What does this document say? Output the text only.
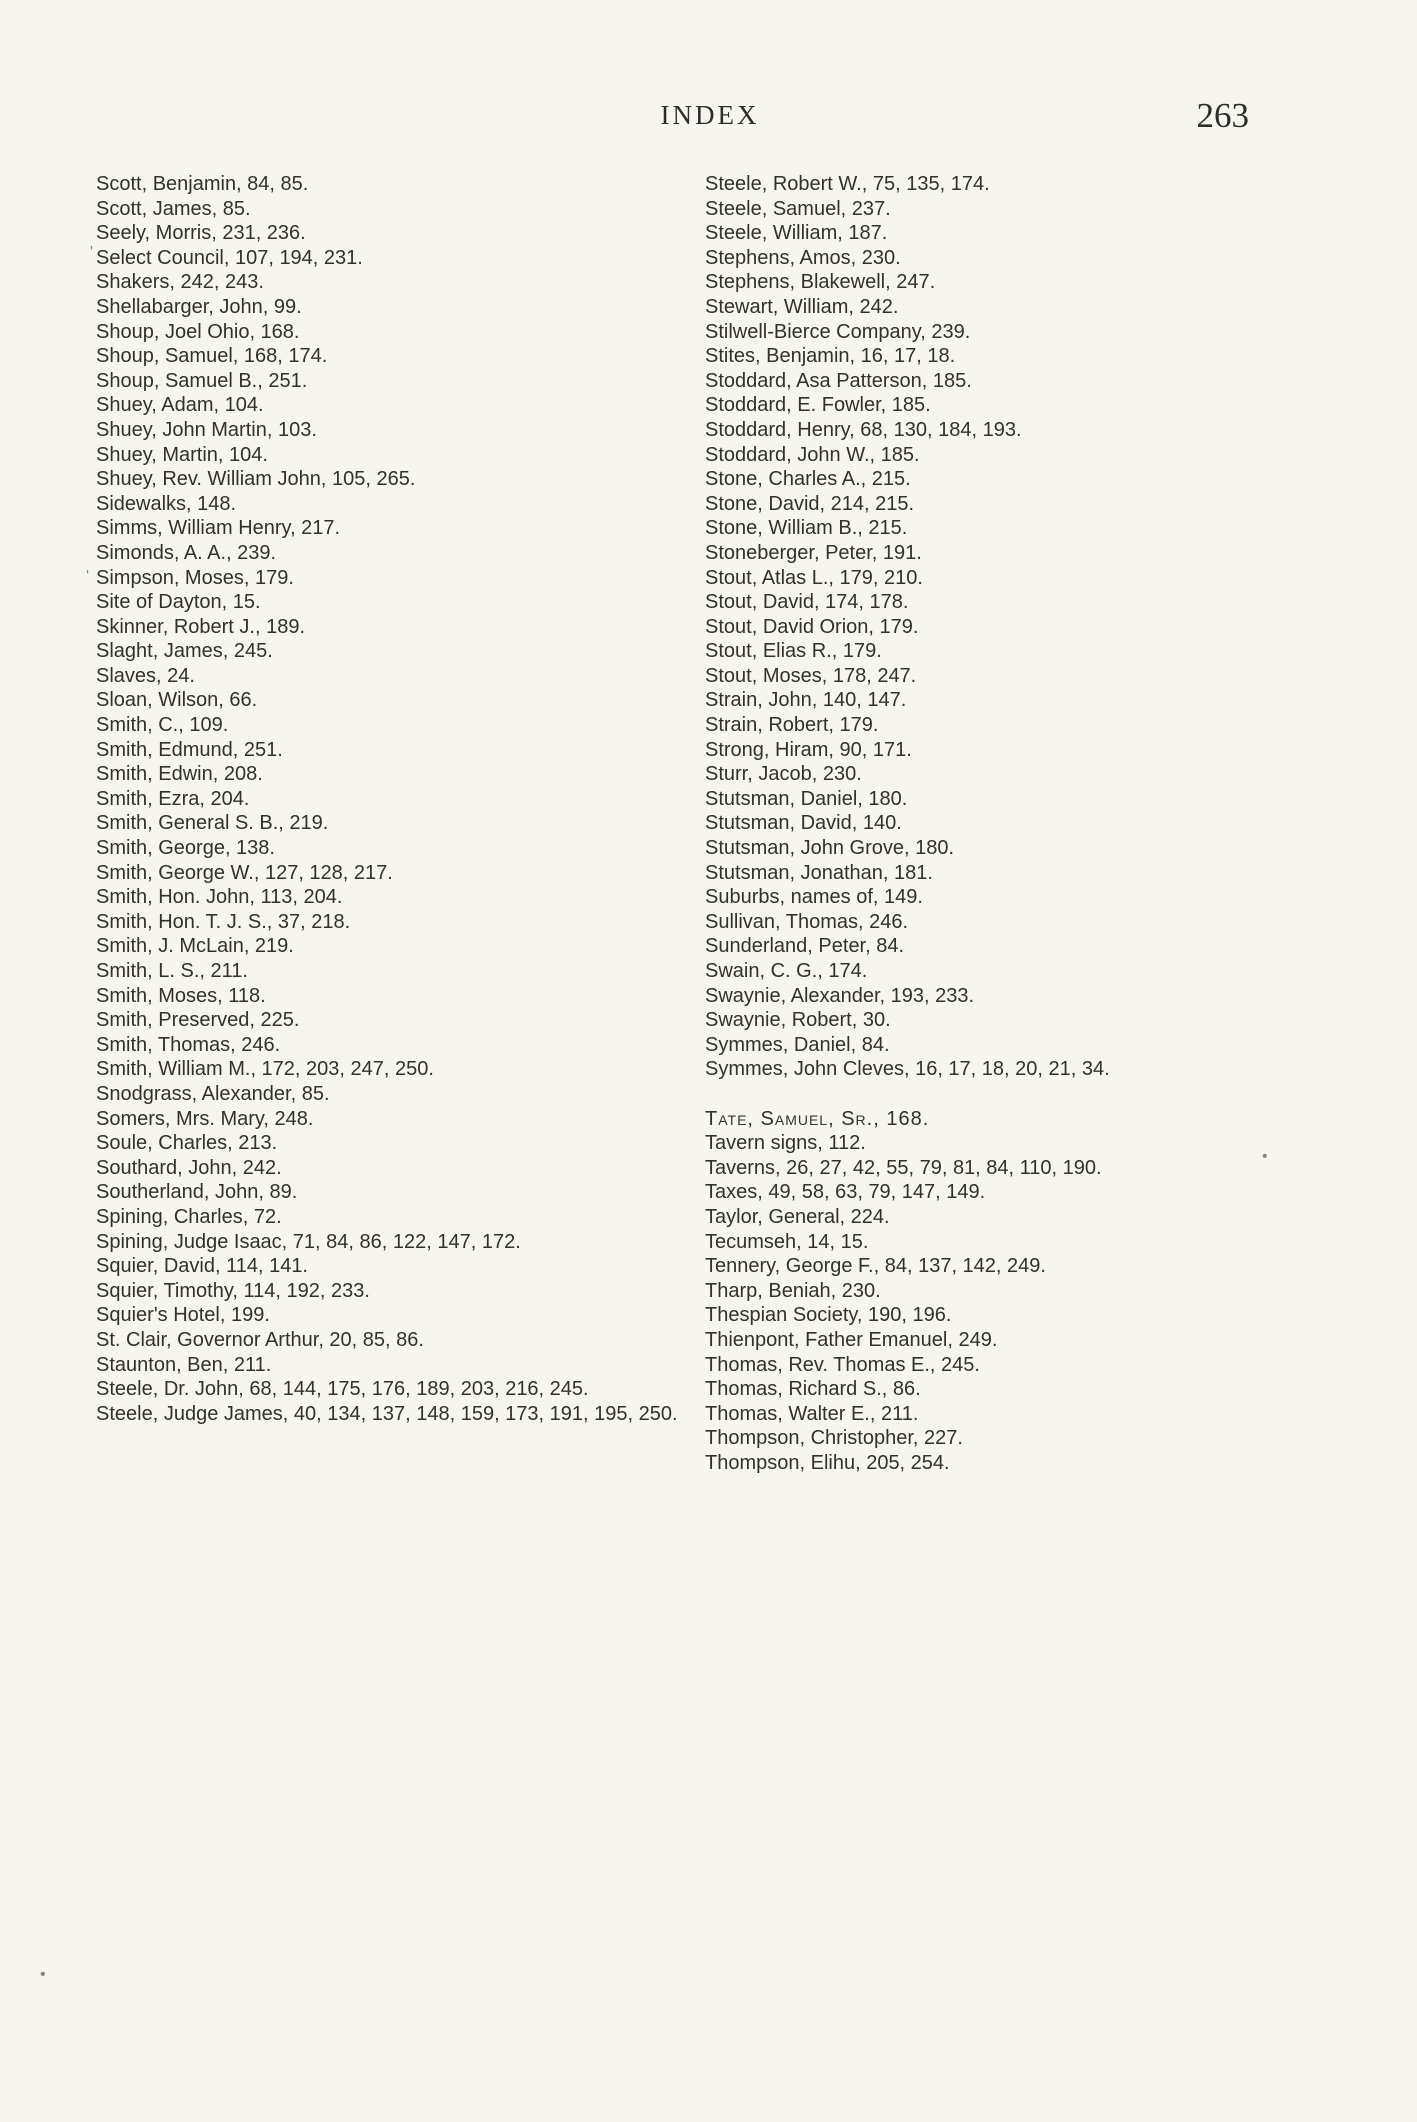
INDEX	263

Scott, Benjamin, 84, 85.

Scott, James, 85.

Seely, Morris, 231, 236.

Select Council, 107, 194, 231.

Shakers, 242, 243.

Shellabarger, John, 99.

Shoup, Joel Ohio, 168.

Shoup, Samuel, 168, 174.

Shoup, Samuel B., 251.

Shuey, Adam, 104.

Shuey, John Martin, 103.

Shuey, Martin, 104.

Shuey, Rev. William John, 105, 265.

Sidewalks, 148.

Simms, William Henry, 217.

Simonds, A. A., 239.

Simpson, Moses, 179.

Site of Dayton, 15.

Skinner, Robert J., 189.

Slaght, James, 245.

Slaves, 24.

Sloan, Wilson, 66.

Smith, C., 109.

Smith, Edmund, 251.

Smith, Edwin, 208.

Smith, Ezra, 204.

Smith, General S. B., 219.

Smith, George, 138.

Smith, George W., 127, 128, 217.

Smith, Hon. John, 113, 204.

Smith, Hon. T. J. S., 37, 218.

Smith, J. McLain, 219.

Smith, L. S., 211.

Smith, Moses, 118.

Smith, Preserved, 225.

Smith, Thomas, 246.

Smith, William M., 172, 203, 247, 250.

Snodgrass, Alexander, 85.

Somers, Mrs. Mary, 248.

Soule, Charles, 213.

Southard, John, 242.

Southerland, John, 89.

Spining, Charles, 72.

Spining, Judge Isaac, 71, 84, 86, 122, 147, 172.

Squier, David, 114, 141.

Squier, Timothy, 114, 192, 233.

Squier's Hotel, 199.

St. Clair, Governor Arthur, 20, 85, 86.

Staunton, Ben, 211.

Steele, Dr. John, 68, 144, 175, 176, 189, 203, 216, 245.

Steele, Judge James, 40, 134, 137, 148, 159, 173, 191, 195, 250.

Steele, Robert W., 75, 135, 174.

Steele, Samuel, 237.

Steele, William, 187.

Stephens, Amos, 230.

Stephens, Blakewell, 247.

Stewart, William, 242.

Stilwell-Bierce Company, 239.

Stites, Benjamin, 16, 17, 18.

Stoddard, Asa Patterson, 185.

Stoddard, E. Fowler, 185.

Stoddard, Henry, 68, 130, 184, 193.

Stoddard, John W., 185.

Stone, Charles A., 215.

Stone, David, 214, 215.

Stone, William B., 215.

Stoneberger, Peter, 191.

Stout, Atlas L., 179, 210.

Stout, David, 174, 178.

Stout, David Orion, 179.

Stout, Elias R., 179.

Stout, Moses, 178, 247.

Strain, John, 140, 147.

Strain, Robert, 179.

Strong, Hiram, 90, 171.

Sturr, Jacob, 230.

Stutsman, Daniel, 180.

Stutsman, David, 140.

Stutsman, John Grove, 180.

Stutsman, Jonathan, 181.

Suburbs, names of, 149.

Sullivan, Thomas, 246.

Sunderland, Peter, 84.

Swain, C. G., 174.

Swaynie, Alexander, 193, 233.

Swaynie, Robert, 30.

Symmes, Daniel, 84.

Symmes, John Cleves, 16, 17, 18, 20, 21, 34.

Tate, Samuel, Sr., 168.

Tavern signs, 112.

Taverns, 26, 27, 42, 55, 79, 81, 84, 110, 190.

Taxes, 49, 58, 63, 79, 147, 149.

Taylor, General, 224.

Tecumseh, 14, 15.

Tennery, George F., 84, 137, 142, 249.

Tharp, Beniah, 230.

Thespian Society, 190, 196.

Thienpont, Father Emanuel, 249.

Thomas, Rev. Thomas E., 245.

Thomas, Richard S., 86.

Thomas, Walter E., 211.

Thompson, Christopher, 227.

Thompson, Elihu, 205, 254.

'
'
•
•
